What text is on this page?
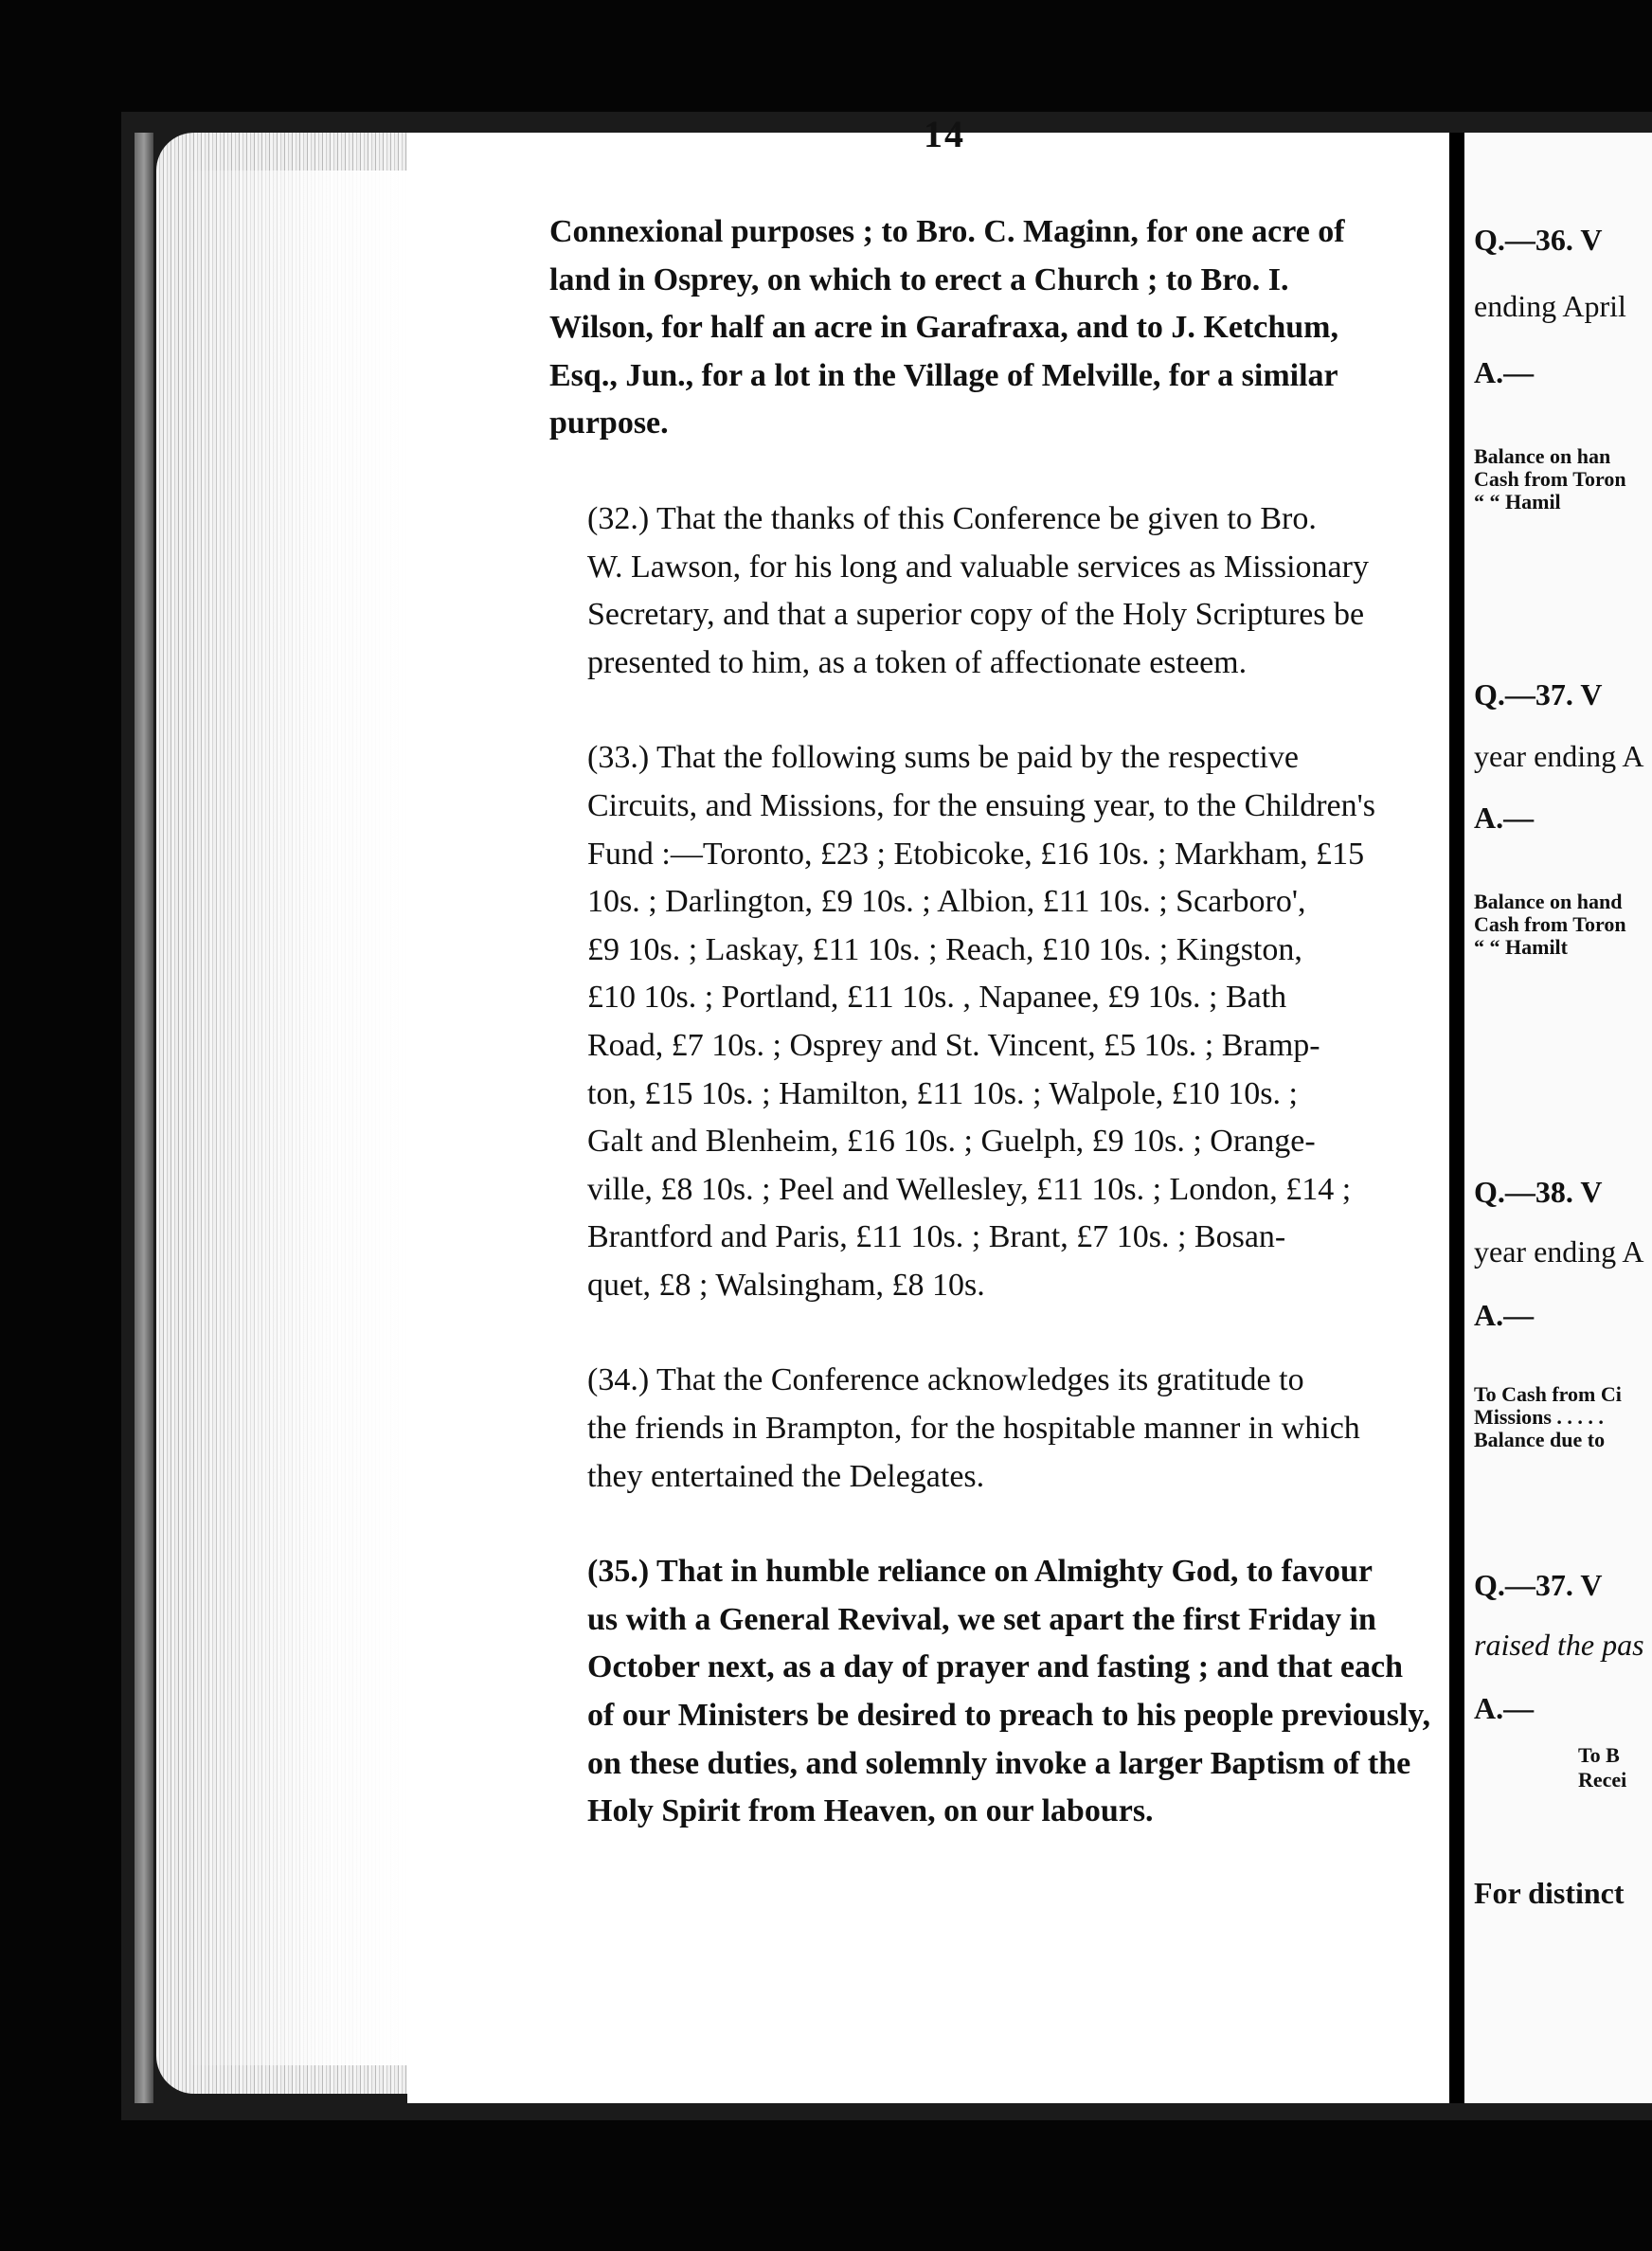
14

Connexional purposes ; to Bro. C. Maginn, for one acre of
land in Osprey, on which to erect a Church ; to Bro. I.
Wilson, for half an acre in Garafraxa, and to J. Ketchum,
Esq., Jun., for a lot in the Village of Melville, for a similar
purpose.

(32.) That the thanks of this Conference be given to Bro.
W. Lawson, for his long and valuable services as Missionary
Secretary, and that a superior copy of the Holy Scriptures be
presented to him, as a token of affectionate esteem.

(33.) That the following sums be paid by the respective
Circuits, and Missions, for the ensuing year, to the Children's
Fund :—Toronto, £23 ; Etobicoke, £16 10s. ; Markham, £15
10s. ; Darlington, £9 10s. ; Albion, £11 10s. ; Scarboro',
£9 10s. ; Laskay, £11 10s. ; Reach, £10 10s. ; Kingston,
£10 10s. ; Portland, £11 10s. , Napanee, £9 10s. ; Bath
Road, £7 10s. ; Osprey and St. Vincent, £5 10s. ; Bramp-
ton, £15 10s. ; Hamilton, £11 10s. ; Walpole, £10 10s. ;
Galt and Blenheim, £16 10s. ; Guelph, £9 10s. ; Orange-
ville, £8 10s. ; Peel and Wellesley, £11 10s. ; London, £14 ;
Brantford and Paris, £11 10s. ; Brant, £7 10s. ; Bosan-
quet, £8 ; Walsingham, £8 10s.

(34.) That the Conference acknowledges its gratitude to
the friends in Brampton, for the hospitable manner in which
they entertained the Delegates.

(35.) That in humble reliance on Almighty God, to favour
us with a General Revival, we set apart the first Friday in
October next, as a day of prayer and fasting ; and that each
of our Ministers be desired to preach to his people previously,
on these duties, and solemnly invoke a larger Baptism of the
Holy Spirit from Heaven, on our labours.

Q.—36. V
ending April
A.—
Balance on han
Cash from Toron
“ “ Hamil
Q.—37. V
year ending A
A.—
Balance on hand
Cash from Toron
“ “ Hamilt
Q.—38. V
year ending A
A.—
To Cash from Ci
Missions . . . . .
Balance due to
Q.—37. V
raised the pas
A.—
To B
Recei
For distinct
